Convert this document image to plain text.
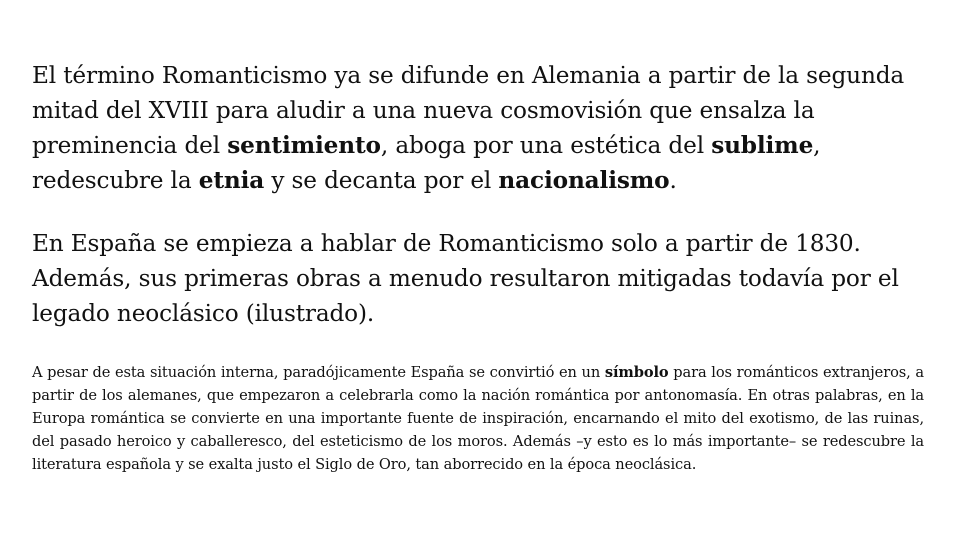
El término Romanticismo ya se difunde en Alemania a partir de la segunda mitad del XVIII para aludir a una nueva cosmovisión que ensalza la preminencia del sentimiento, aboga por una estética del sublime, redescubre la etnia y se decanta por el nacionalismo.

En España se empieza a hablar de Romanticismo solo a partir de 1830. Además, sus primeras obras a menudo resultaron mitigadas todavía por el legado neoclásico (ilustrado).

A pesar de esta situación interna, paradójicamente España se convirtió en un símbolo para los románticos extranjeros, a partir de los alemanes, que empezaron a celebrarla como la nación romántica por antonomasía. En otras palabras, en la Europa romántica se convierte en una importante fuente de inspiración, encarnando el mito del exotismo, de las ruinas, del pasado heroico y caballeresco, del esteticismo de los moros. Además –y esto es lo más importante– se redescubre la literatura española y se exalta justo el Siglo de Oro, tan aborrecido en la época neoclásica.
